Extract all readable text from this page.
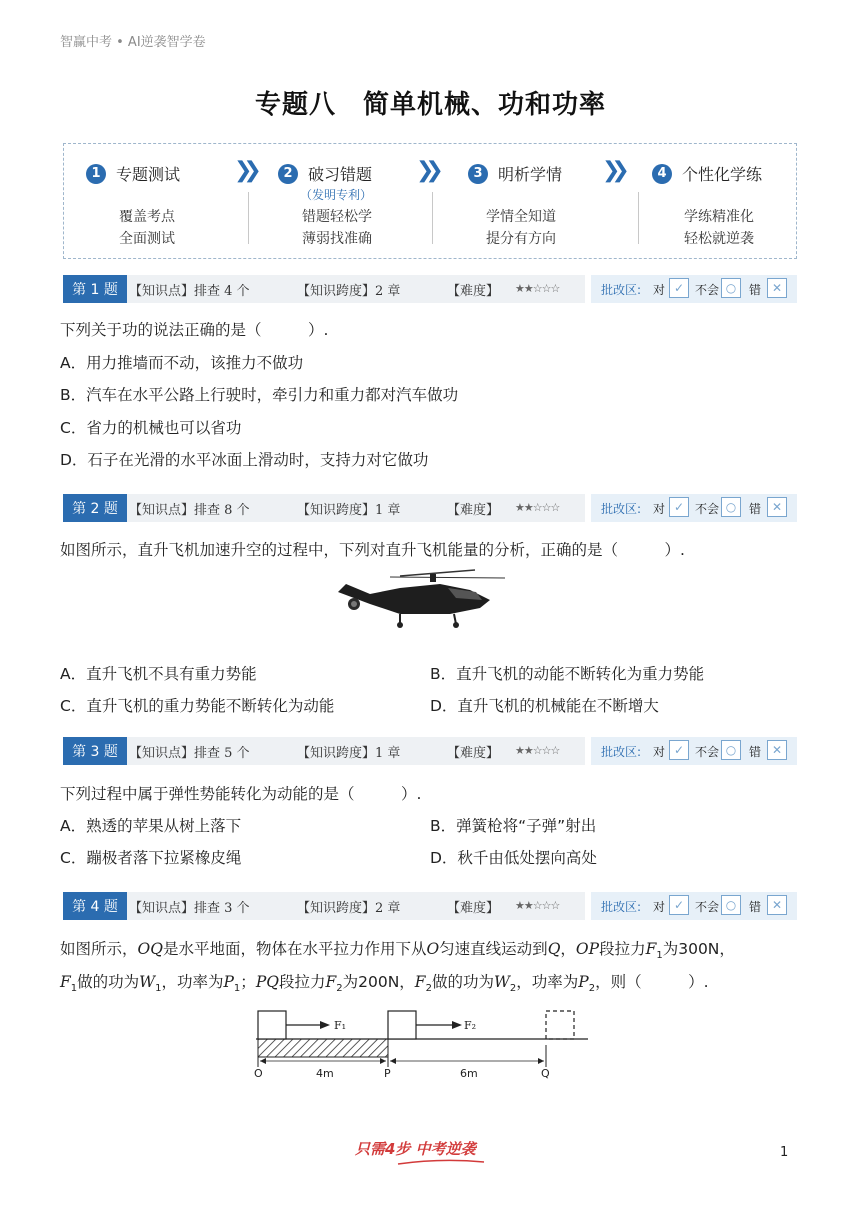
智赢中考 • AI逆袭智学卷
专题八　简单机械、功和功率
1 专题测试
覆盖考点
全面测试
❯❯	2 破习错题
（发明专利）
错题轻松学
薄弱找准确
❯❯	3 明析学情
学情全知道
提分有方向
❯❯	4 个性化学练
学练精准化
轻松就逆袭
第 1 题 【知识点】排查 4 个	【知识跨度】2 章	【难度】 ★★☆☆☆	批改区: 对 ✓ 不会 ○	错 ✕
下列关于功的说法正确的是（　　　）.
A．用力推墙而不动，该推力不做功
B．汽车在水平公路上行驶时，牵引力和重力都对汽车做功
C．省力的机械也可以省功
D．石子在光滑的水平冰面上滑动时，支持力对它做功
第 2 题 【知识点】排查 8 个	【知识跨度】1 章	【难度】 ★★☆☆☆	批改区: 对 ✓ 不会 ○	错 ✕
如图所示，直升飞机加速升空的过程中，下列对直升飞机能量的分析，正确的是（　　　）.
A．直升飞机不具有重力势能	B．直升飞机的动能不断转化为重力势能
C．直升飞机的重力势能不断转化为动能	D．直升飞机的机械能在不断增大
第 3 题 【知识点】排查 5 个	【知识跨度】1 章	【难度】 ★★☆☆☆	批改区: 对 ✓ 不会 ○	错 ✕
下列过程中属于弹性势能转化为动能的是（　　　）.
A．熟透的苹果从树上落下	B．弹簧枪将“子弹”射出
C．蹦极者落下拉紧橡皮绳	D．秋千由低处摆向高处
第 4 题 【知识点】排查 3 个	【知识跨度】2 章	【难度】 ★★☆☆☆	批改区: 对 ✓ 不会 ○	错 ✕
如图所示，OQ是水平地面，物体在水平拉力作用下从O匀速直线运动到Q，OP段拉力$F_1$为300N，
$F_1$做的功为$W_1$，功率为$P_1$；PQ段拉力$F_2$为200N，$F_2$做的功为$W_2$，功率为$P_2$，则（　　　）.
F₁	F₂
O	4m	P	6m	Q
只需4步 中考逆袭	1
